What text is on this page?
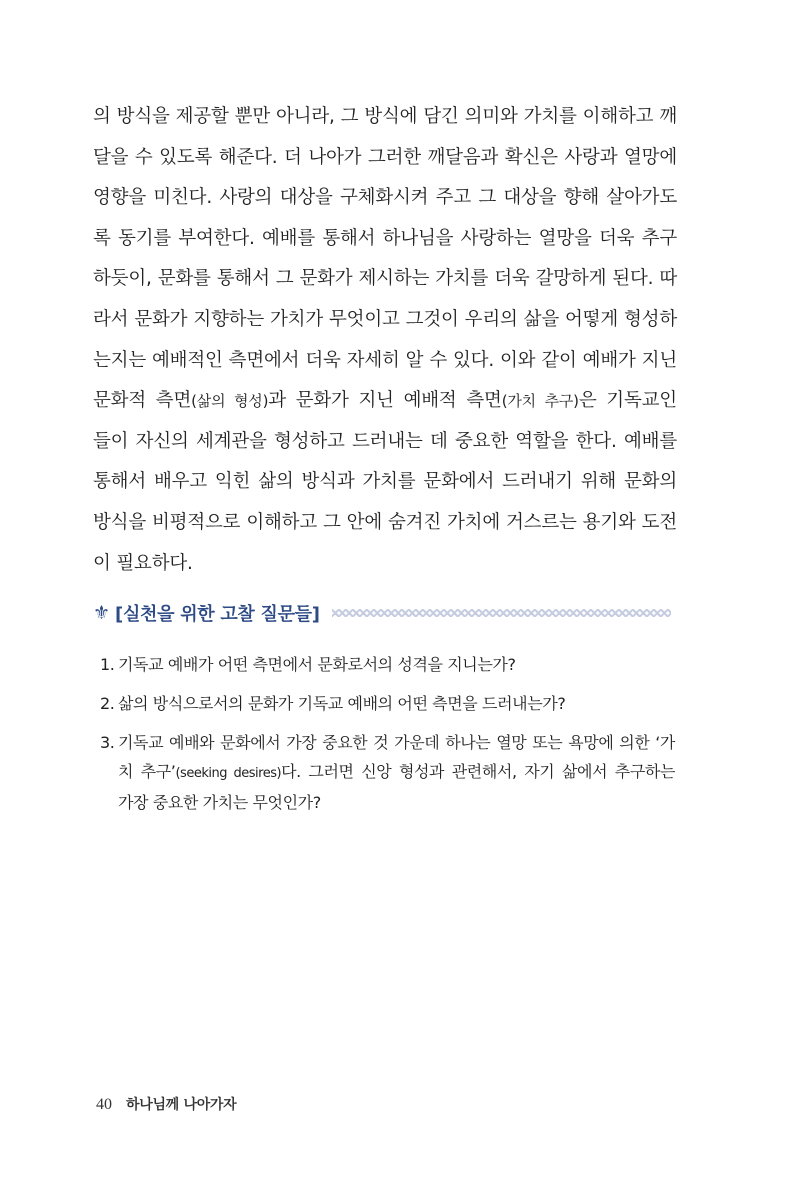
의 방식을 제공할 뿐만 아니라, 그 방식에 담긴 의미와 가치를 이해하고 깨
달을 수 있도록 해준다. 더 나아가 그러한 깨달음과 확신은 사랑과 열망에
영향을 미친다. 사랑의 대상을 구체화시켜 주고 그 대상을 향해 살아가도
록 동기를 부여한다. 예배를 통해서 하나님을 사랑하는 열망을 더욱 추구
하듯이, 문화를 통해서 그 문화가 제시하는 가치를 더욱 갈망하게 된다. 따
라서 문화가 지향하는 가치가 무엇이고 그것이 우리의 삶을 어떻게 형성하
는지는 예배적인 측면에서 더욱 자세히 알 수 있다. 이와 같이 예배가 지닌
문화적 측면(삶의 형성)과 문화가 지닌 예배적 측면(가치 추구)은 기독교인
들이 자신의 세계관을 형성하고 드러내는 데 중요한 역할을 한다. 예배를
통해서 배우고 익힌 삶의 방식과 가치를 문화에서 드러내기 위해 문화의
방식을 비평적으로 이해하고 그 안에 숨겨진 가치에 거스르는 용기와 도전
이 필요하다.
⚜ [실천을 위한 고찰 질문들]
1. 기독교 예배가 어떤 측면에서 문화로서의 성격을 지니는가?
2. 삶의 방식으로서의 문화가 기독교 예배의 어떤 측면을 드러내는가?
3. 기독교 예배와 문화에서 가장 중요한 것 가운데 하나는 열망 또는 욕망에 의한 ‘가
치 추구’(seeking desires)다. 그러면 신앙 형성과 관련해서, 자기 삶에서 추구하는
가장 중요한 가치는 무엇인가?
40 하나님께 나아가자
